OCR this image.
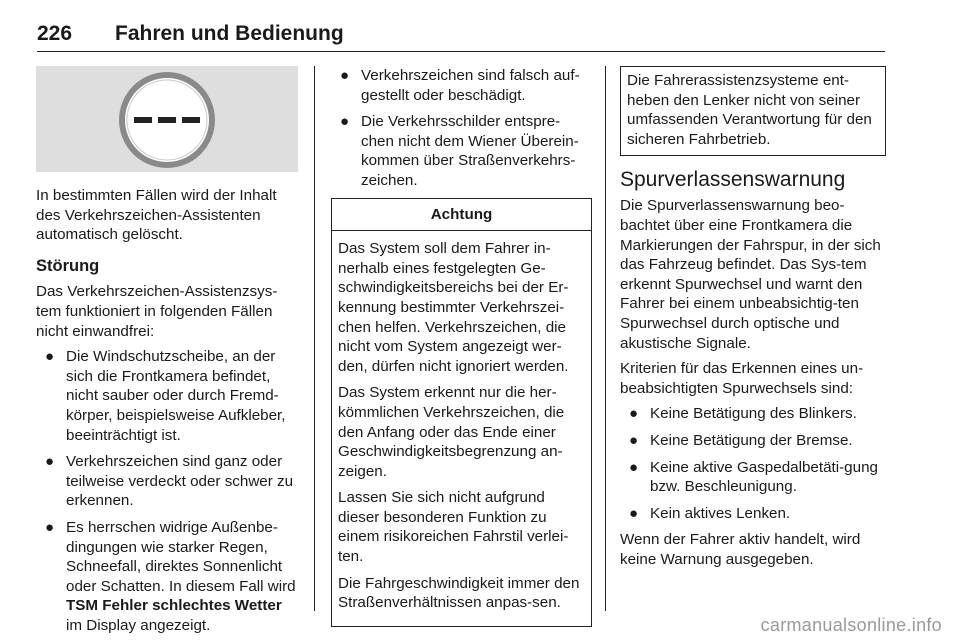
226 Fahren und Bedienung

In bestimmten Fällen wird der Inhalt des Verkehrszeichen-Assistenten automatisch gelöscht.

Störung

Das Verkehrszeichen-Assistenzsys-tem funktioniert in folgenden Fällen nicht einwandfrei:

● Die Windschutzscheibe, an der sich die Frontkamera befindet, nicht sauber oder durch Fremd-körper, beispielsweise Aufkleber, beeinträchtigt ist.
● Verkehrszeichen sind ganz oder teilweise verdeckt oder schwer zu erkennen.
● Es herrschen widrige Außenbe-dingungen wie starker Regen, Schneefall, direktes Sonnenlicht oder Schatten. In diesem Fall wird TSM Fehler schlechtes Wetter im Display angezeigt.
● Verkehrszeichen sind falsch auf-gestellt oder beschädigt.
● Die Verkehrsschilder entspre-chen nicht dem Wiener Überein-kommen über Straßenverkehrs-zeichen.
Achtung

Das System soll dem Fahrer in-nerhalb eines festgelegten Ge-schwindigkeitsbereichs bei der Er-kennung bestimmter Verkehrszei-chen helfen. Verkehrszeichen, die nicht vom System angezeigt wer-den, dürfen nicht ignoriert werden.

Das System erkennt nur die her-kömmlichen Verkehrszeichen, die den Anfang oder das Ende einer Geschwindigkeitsbegrenzung an-zeigen.

Lassen Sie sich nicht aufgrund dieser besonderen Funktion zu einem risikoreichen Fahrstil verlei-ten.

Die Fahrgeschwindigkeit immer den Straßenverhältnissen anpas-sen.

Die Fahrerassistenzsysteme ent-heben den Lenker nicht von seiner umfassenden Verantwortung für den sicheren Fahrbetrieb.
Spurverlassenswarnung

Die Spurverlassenswarnung beo-bachtet über eine Frontkamera die Markierungen der Fahrspur, in der sich das Fahrzeug befindet. Das Sys-tem erkennt Spurwechsel und warnt den Fahrer bei einem unbeabsichtig-ten Spurwechsel durch optische und akustische Signale.

Kriterien für das Erkennen eines un-beabsichtigten Spurwechsels sind:

● Keine Betätigung des Blinkers.
● Keine Betätigung der Bremse.
● Keine aktive Gaspedalbetäti-gung bzw. Beschleunigung.
● Kein aktives Lenken.

Wenn der Fahrer aktiv handelt, wird keine Warnung ausgegeben.

carmanualsonline.info
